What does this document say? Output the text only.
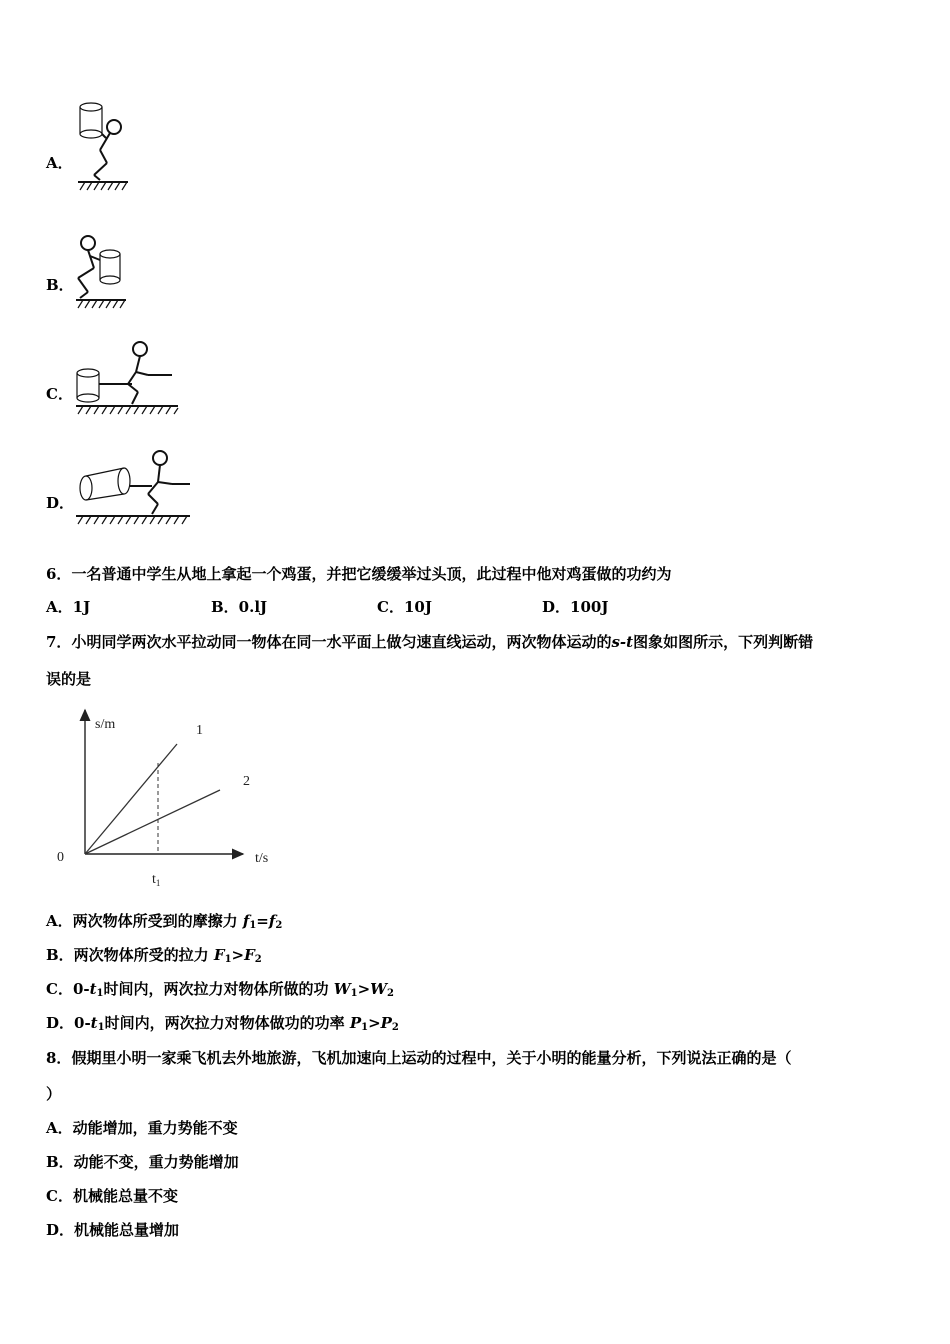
A．
B．
C．
D．
6．一名普通中学生从地上拿起一个鸡蛋，并把它缓缓举过头顶，此过程中他对鸡蛋做的功约为
A．1J	B．0.lJ	C．10J	D．100J
7．小明同学两次水平拉动同一物体在同一水平面上做匀速直线运动，两次物体运动的s-t图象如图所示，下列判断错
误的是
s/m
t/s
0
1
2
$t_1$
A．两次物体所受到的摩擦力 $f_1=f_2$
B．两次物体所受的拉力 $F_1>F_2$
C．$0-t_1$时间内，两次拉力对物体所做的功 $W_1>W_2$
D．$0-t_1$时间内，两次拉力对物体做功的功率 $P_1>P_2$
8．假期里小明一家乘飞机去外地旅游，飞机加速向上运动的过程中，关于小明的能量分析，下列说法正确的是（
）
A．动能增加，重力势能不变
B．动能不变，重力势能增加
C．机械能总量不变
D．机械能总量增加
